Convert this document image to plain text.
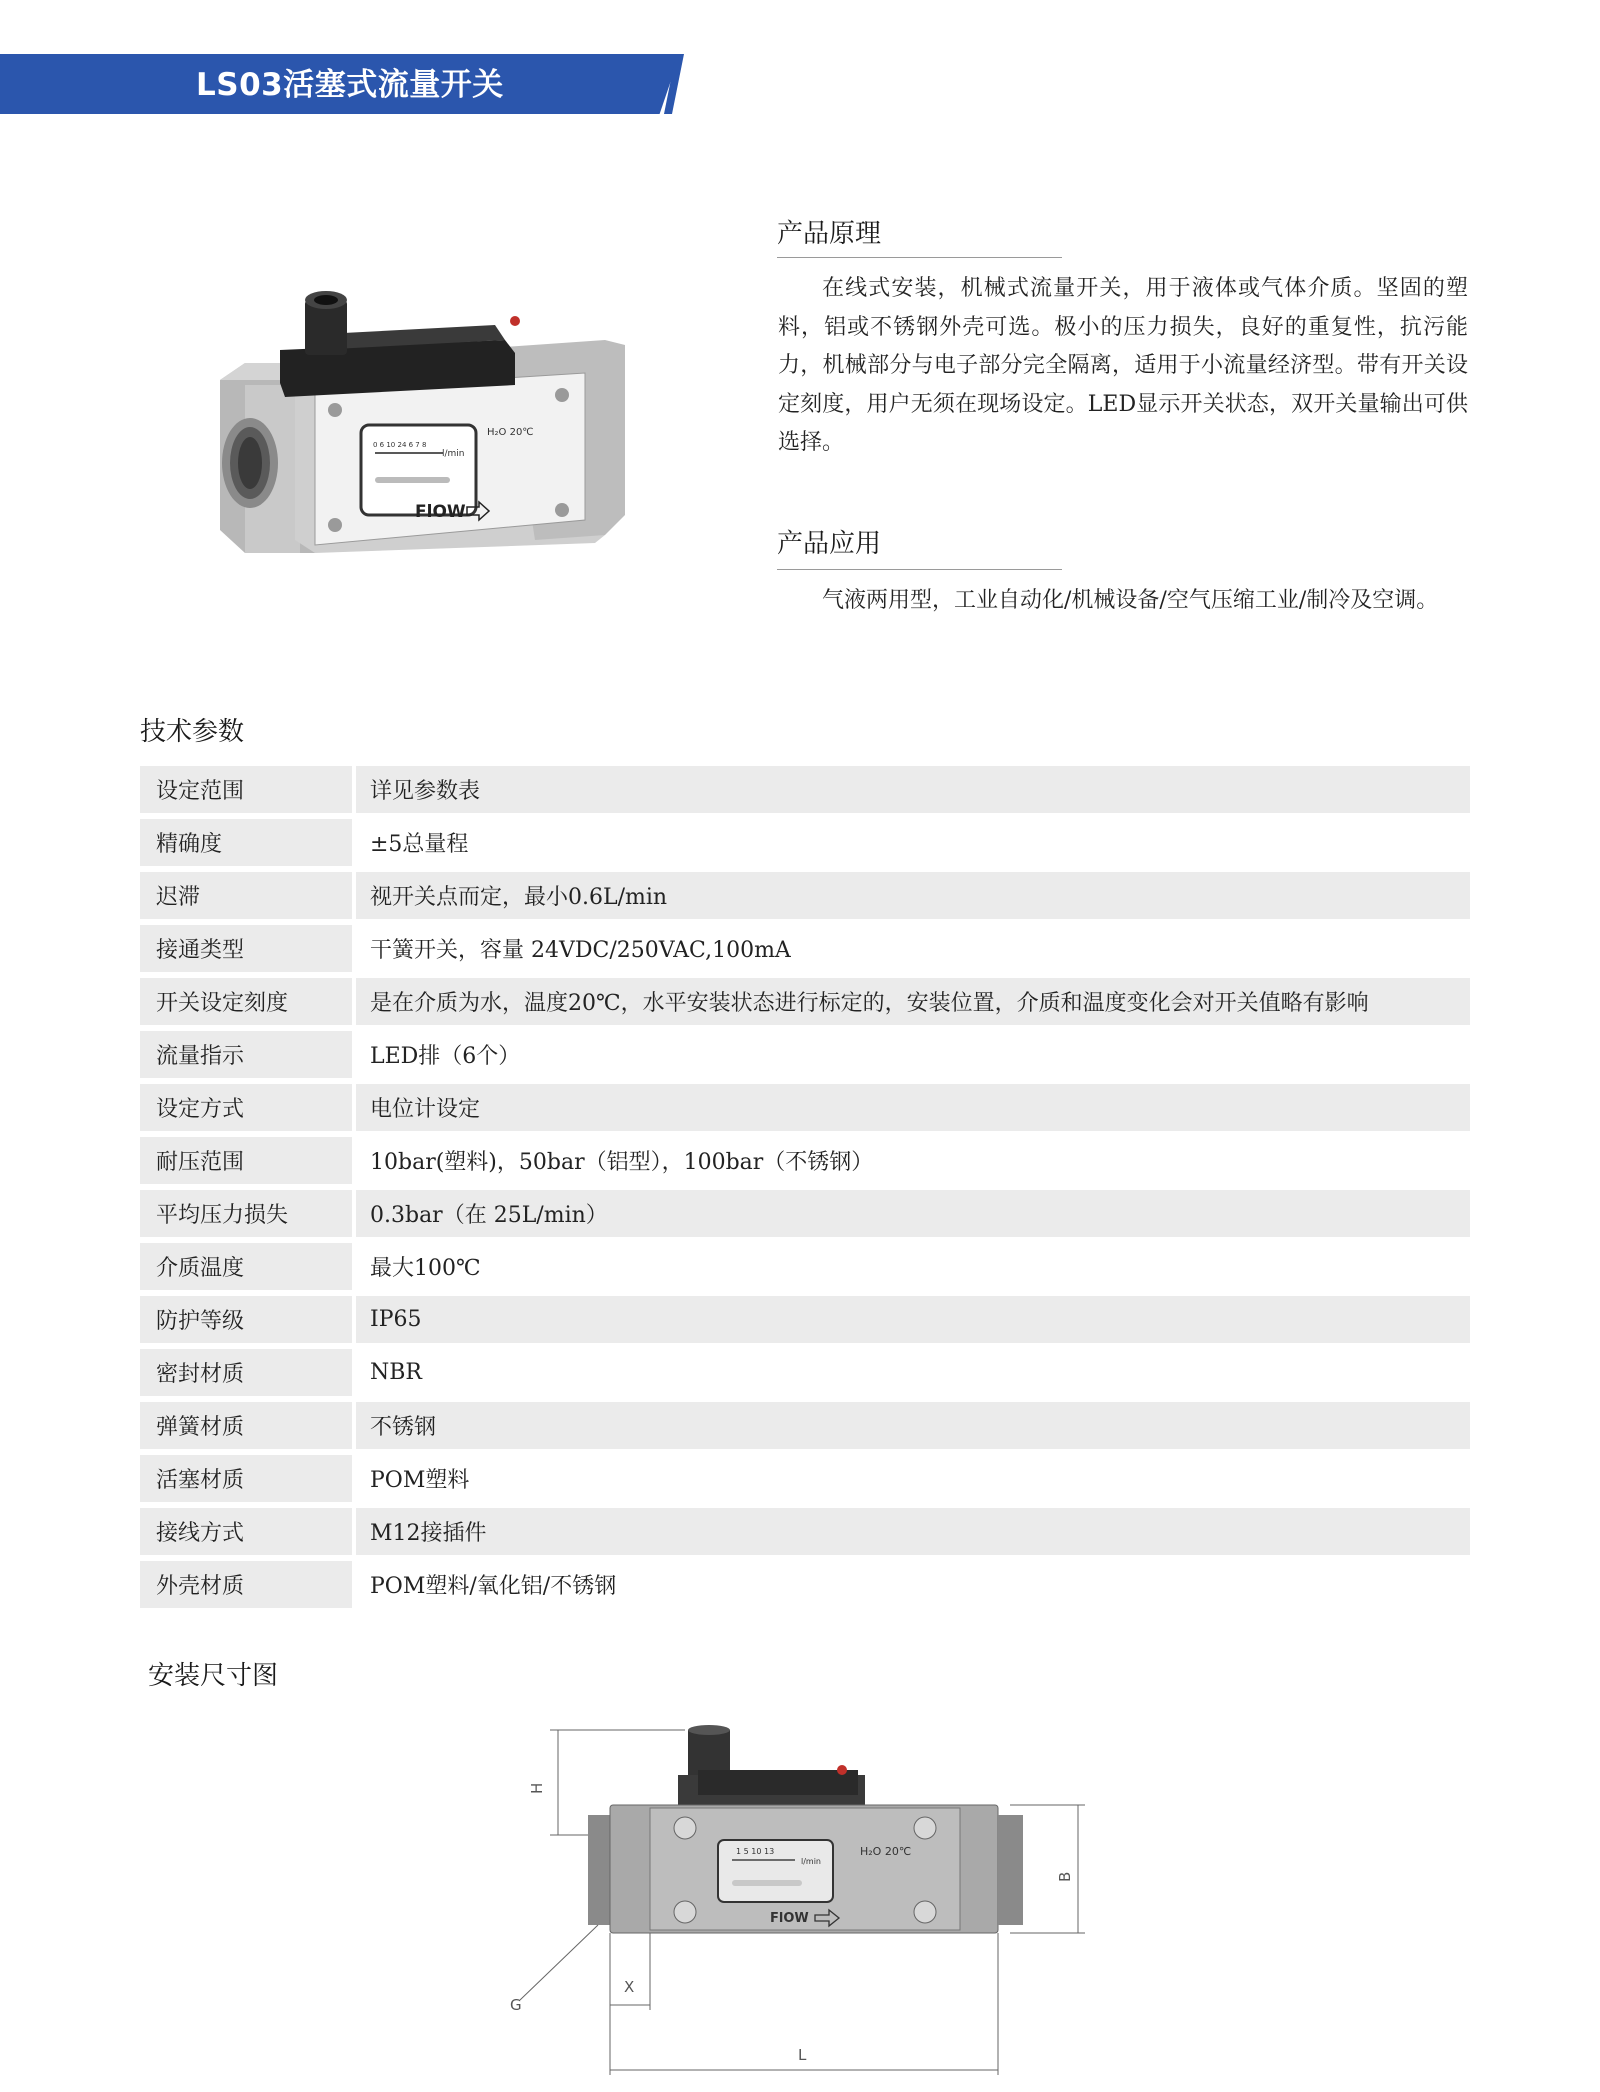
LS03活塞式流量开关
0 6 10 24 6 7 8
l/min
H₂O 20℃
FlOW
产品原理
在线式安装，机械式流量开关，用于液体或气体介质。坚固的塑料，铝或不锈钢外壳可选。极小的压力损失，良好的重复性，抗污能力，机械部分与电子部分完全隔离，适用于小流量经济型。带有开关设定刻度，用户无须在现场设定。LED显示开关状态，双开关量输出可供选择。
产品应用
气液两用型，工业自动化/机械设备/空气压缩工业/制冷及空调。
技术参数
设定范围	详见参数表
精确度	±5总量程
迟滞	视开关点而定，最小0.6L/min
接通类型	干簧开关，容量 24VDC/250VAC,100mA
开关设定刻度	是在介质为水，温度20℃，水平安装状态进行标定的，安装位置，介质和温度变化会对开关值略有影响
流量指示	LED排（6个）
设定方式	电位计设定
耐压范围	10bar(塑料)，50bar（铝型），100bar（不锈钢）
平均压力损失	0.3bar（在 25L/min）
介质温度	最大100℃
防护等级	IP65
密封材质	NBR
弹簧材质	不锈钢
活塞材质	POM塑料
接线方式	M12接插件
外壳材质	POM塑料/氧化铝/不锈钢
安装尺寸图
H
1 5 10 13
l/min
H₂O 20℃
FlOW
B
G
X
L
